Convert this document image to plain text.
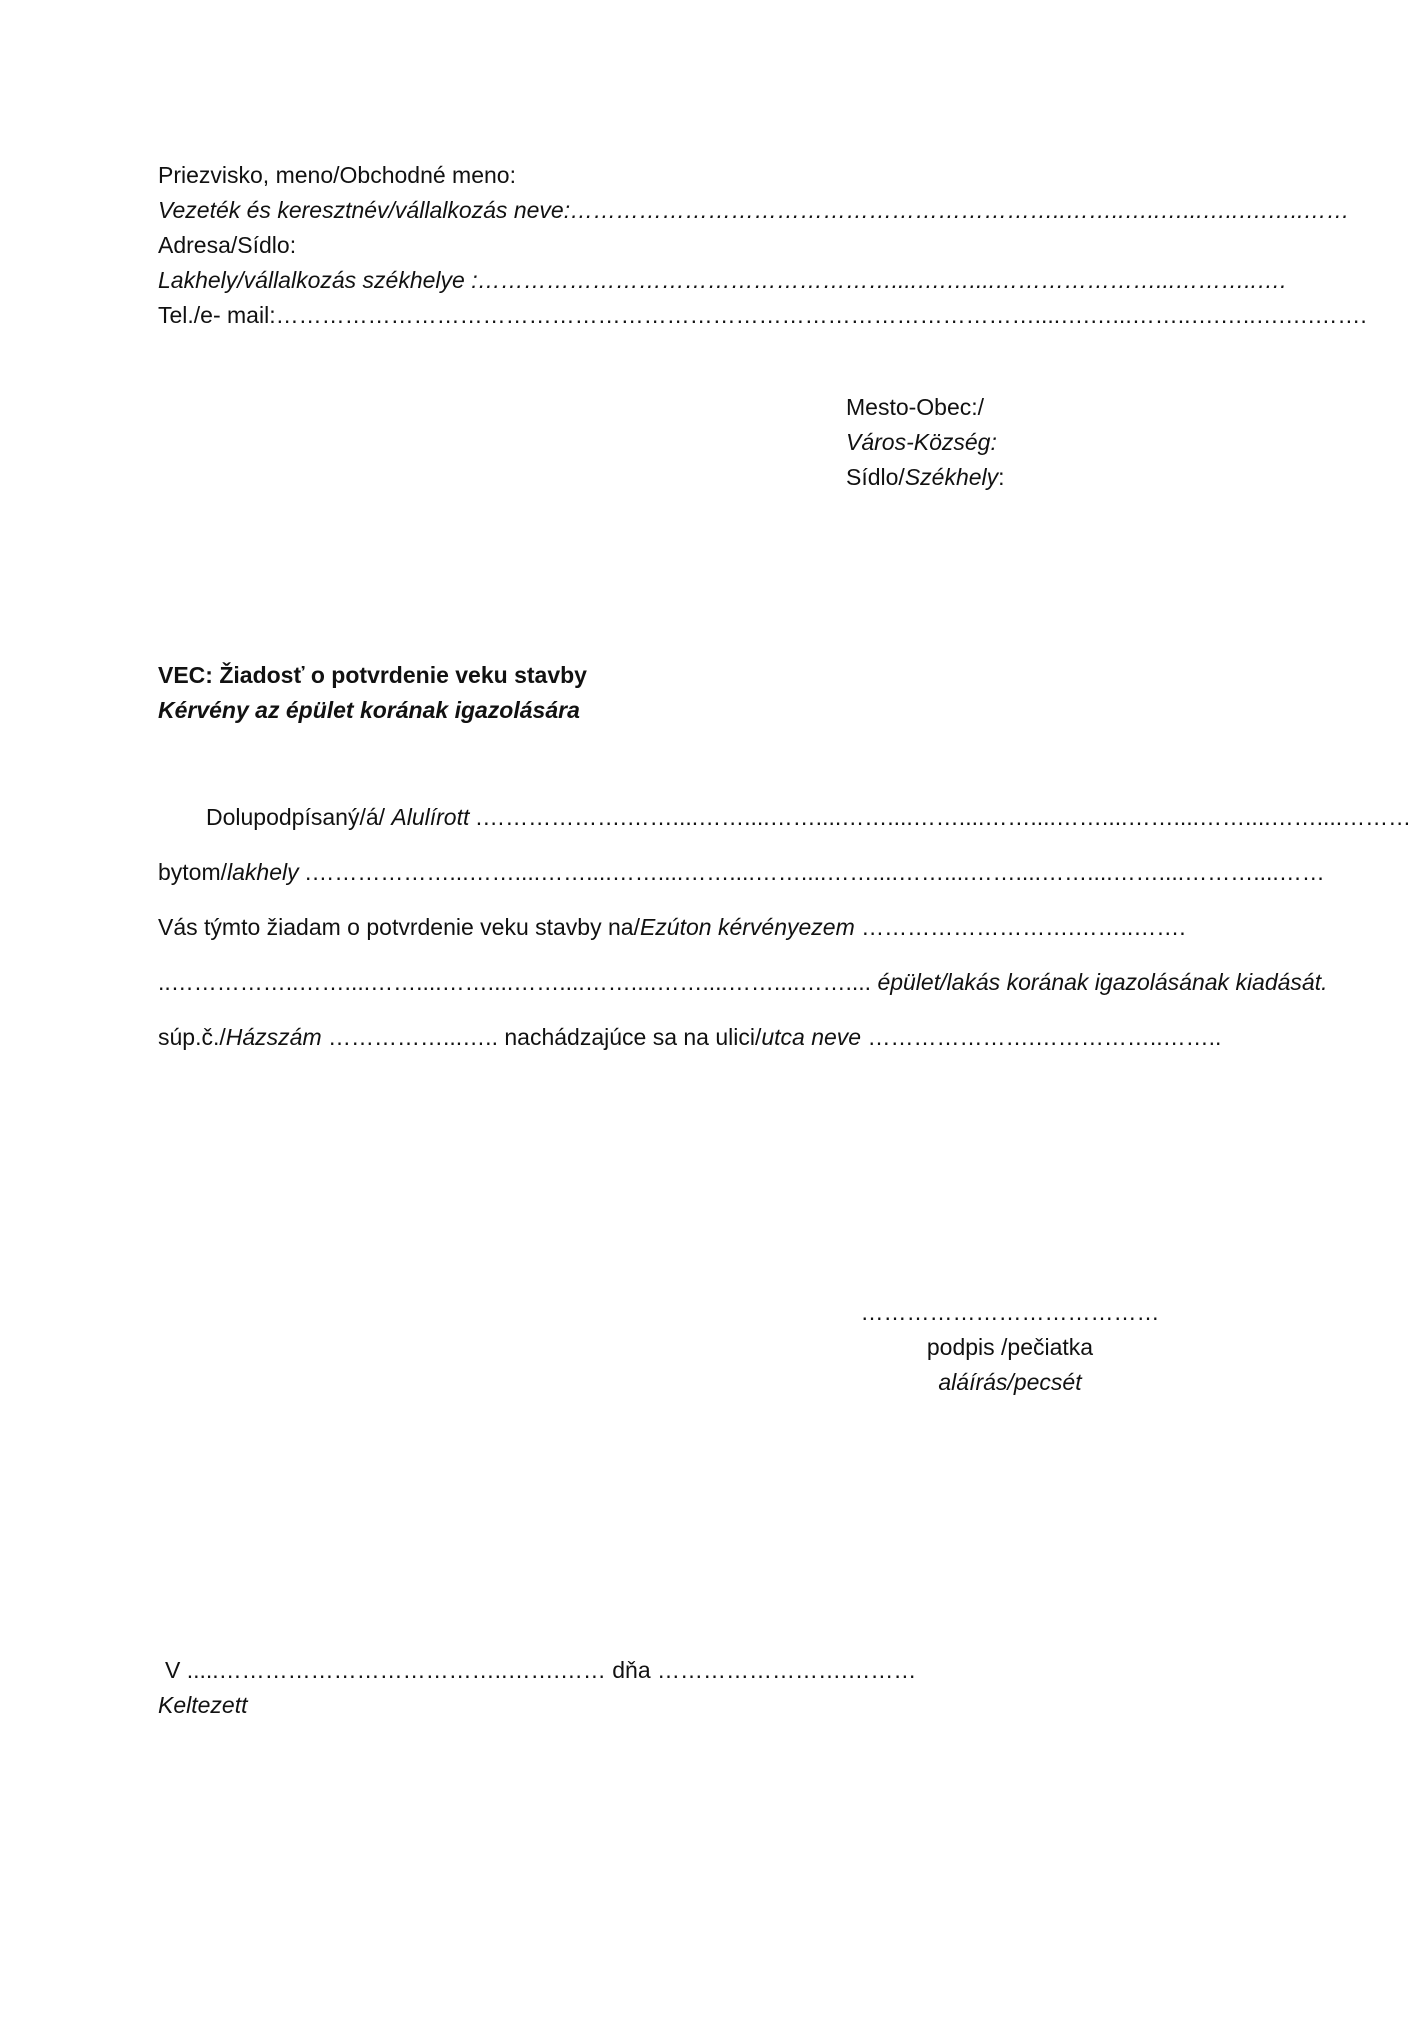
Priezvisko, meno/Obchodné meno:
Vezeték és keresztnév/vállalkozás neve:………………………………………………………..……..…..…...…..….…..……
Adresa/Sídlo:
Lakhely/vállalkozás székhelye :………………………………………………....….…....…………………...………..….
Tel./e- mail:………………………………………………………………………………………....….…...……..….…..….….…….
Mesto-Obec:/
Város-Község:
Sídlo/Székhely:
VEC: Žiadosť o potvrdenie veku stavby
Kérvény az épület korának igazolására
Dolupodpísaný/á/ Alulírott .……………….……....……....……....……....……....……....……....……....……....……....………
bytom/lakhely .………………...……....……....……....……....……....……....……....……....……....……....………....……
Vás týmto žiadam o potvrdenie veku stavby na/Ezúton kérvényezem ……………………….……..…….
..……………..……....……....……....……....……....……....……....…….... épület/lakás korának igazolásának kiadását.
súp.č./Házszám ……………...….. nachádzajúce sa na ulici/utca neve ………………….……………..……..
…………………………………
podpis /pečiatka
aláírás/pecsét
V .....………………………………..…….…… dňa …………………….………
Keltezett
